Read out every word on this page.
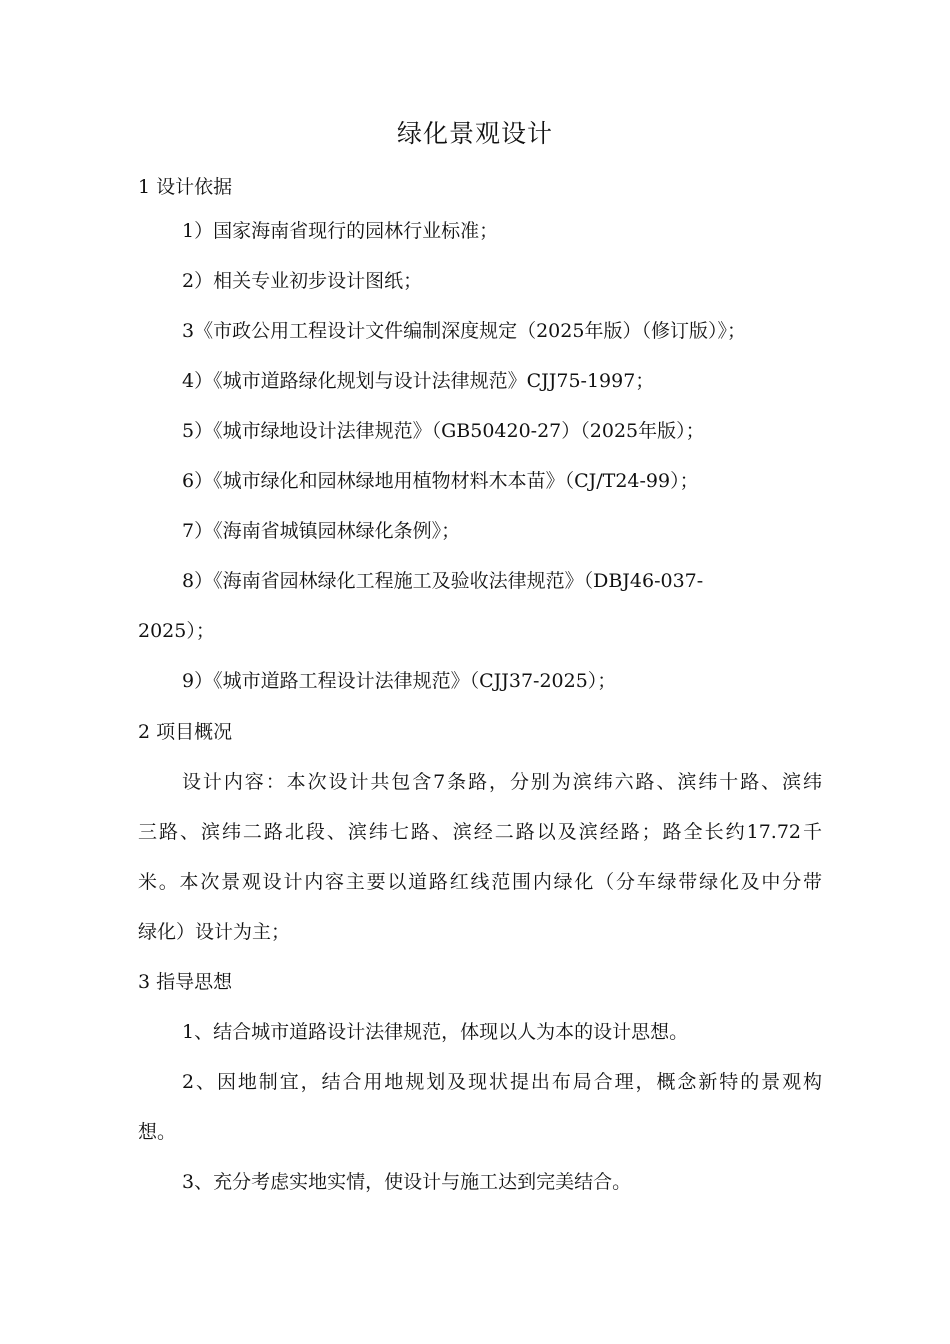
绿化景观设计
1 设计依据
1）国家海南省现行的园林行业标准；
2）相关专业初步设计图纸；
3《市政公用工程设计文件编制深度规定（2025年版）（修订版）》；
4）《城市道路绿化规划与设计法律规范》CJJ75-1997；
5）《城市绿地设计法律规范》（GB50420-27）（2025年版）；
6）《城市绿化和园林绿地用植物材料木本苗》（CJ/T24-99）；
7）《海南省城镇园林绿化条例》；
8）《海南省园林绿化工程施工及验收法律规范》（DBJ46-037-
2025）；
9）《城市道路工程设计法律规范》（CJJ37-2025）；
2 项目概况
设计内容：本次设计共包含7条路，分别为滨纬六路、滨纬十路、滨纬
三路、滨纬二路北段、滨纬七路、滨经二路以及滨经路；路全长约17.72千
米。本次景观设计内容主要以道路红线范围内绿化（分车绿带绿化及中分带
绿化）设计为主；
3 指导思想
1、结合城市道路设计法律规范，体现以人为本的设计思想。
2、因地制宜，结合用地规划及现状提出布局合理，概念新特的景观构
想。
3、充分考虑实地实情，使设计与施工达到完美结合。
